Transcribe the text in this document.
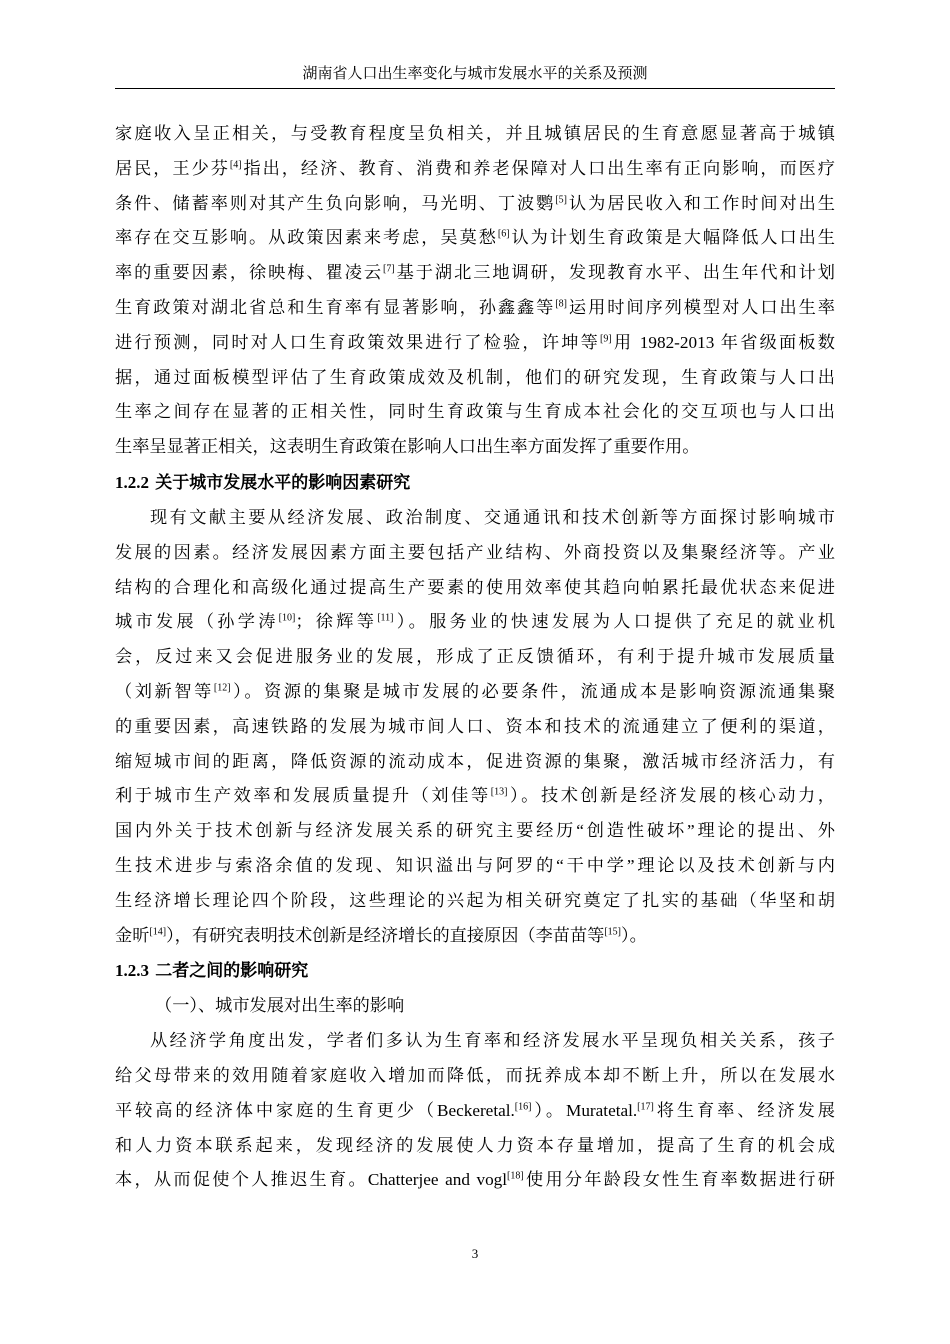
湖南省人口出生率变化与城市发展水平的关系及预测
家庭收入呈正相关，与受教育程度呈负相关，并且城镇居民的生育意愿显著高于城镇
居民，王少芬[4]指出，经济、教育、消费和养老保障对人口出生率有正向影响，而医疗
条件、储蓄率则对其产生负向影响，马光明、丁波鹦[5]认为居民收入和工作时间对出生
率存在交互影响。从政策因素来考虑，吴莫愁[6]认为计划生育政策是大幅降低人口出生
率的重要因素，徐映梅、瞿凌云[7]基于湖北三地调研，发现教育水平、出生年代和计划
生育政策对湖北省总和生育率有显著影响，孙鑫鑫等[8]运用时间序列模型对人口出生率
进行预测，同时对人口生育政策效果进行了检验，许坤等[9]用 1982-2013 年省级面板数
据，通过面板模型评估了生育政策成效及机制，他们的研究发现，生育政策与人口出
生率之间存在显著的正相关性，同时生育政策与生育成本社会化的交互项也与人口出
生率呈显著正相关，这表明生育政策在影响人口出生率方面发挥了重要作用。
1.2.2 关于城市发展水平的影响因素研究
现有文献主要从经济发展、政治制度、交通通讯和技术创新等方面探讨影响城市
发展的因素。经济发展因素方面主要包括产业结构、外商投资以及集聚经济等。产业
结构的合理化和高级化通过提高生产要素的使用效率使其趋向帕累托最优状态来促进
城市发展（孙学涛[10]；徐辉等[11]）。服务业的快速发展为人口提供了充足的就业机
会，反过来又会促进服务业的发展，形成了正反馈循环，有利于提升城市发展质量
（刘新智等[12]）。资源的集聚是城市发展的必要条件，流通成本是影响资源流通集聚
的重要因素，高速铁路的发展为城市间人口、资本和技术的流通建立了便利的渠道，
缩短城市间的距离，降低资源的流动成本，促进资源的集聚，激活城市经济活力，有
利于城市生产效率和发展质量提升（刘佳等[13]）。技术创新是经济发展的核心动力，
国内外关于技术创新与经济发展关系的研究主要经历“创造性破坏”理论的提出、外
生技术进步与索洛余值的发现、知识溢出与阿罗的“干中学”理论以及技术创新与内
生经济增长理论四个阶段，这些理论的兴起为相关研究奠定了扎实的基础（华坚和胡
金昕[14]），有研究表明技术创新是经济增长的直接原因（李苗苗等[15]）。
1.2.3 二者之间的影响研究
（一）、城市发展对出生率的影响
从经济学角度出发，学者们多认为生育率和经济发展水平呈现负相关关系，孩子
给父母带来的效用随着家庭收入增加而降低，而抚养成本却不断上升，所以在发展水
平较高的经济体中家庭的生育更少（Beckeretal.[16]）。Muratetal.[17]将生育率、经济发展
和人力资本联系起来，发现经济的发展使人力资本存量增加，提高了生育的机会成
本，从而促使个人推迟生育。Chatterjee and vogl[18]使用分年龄段女性生育率数据进行研
3
